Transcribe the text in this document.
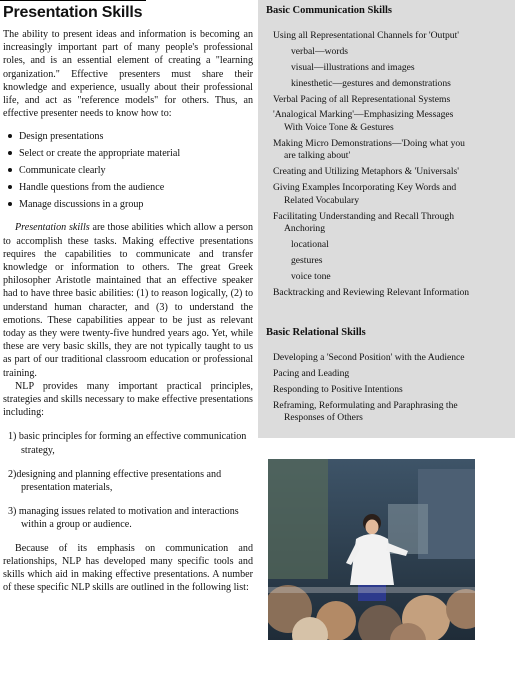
Presentation Skills

The ability to present ideas and information is becoming an increasingly important part of many people's professional roles, and is an essential element of creating a "learning organization." Effective presenters must share their knowledge and experience, usually about their professional life, and act as "reference models" for others. Thus, an effective presenter needs to know how to:

Design presentations
Select or create the appropriate material
Communicate clearly
Handle questions from the audience
Manage discussions in a group

Presentation skills are those abilities which allow a person to accomplish these tasks. Making effective presentations requires the capabilities to communicate and transfer knowledge or information to others. The great Greek philosopher Aristotle maintained that an effective speaker had to have three basic abilities: (1) to reason logically, (2) to understand human character, and (3) to understand the emotions. These capabilities appear to be just as relevant today as they were twenty-five hundred years ago. Yet, while these are very basic skills, they are not typically taught to us as part of our traditional classroom education or professional training.

NLP provides many important practical principles, strategies and skills necessary to make effective presentations including:

1) basic principles for forming an effective communication strategy,

2)designing and planning effective presentations and presentation materials,

3) managing issues related to motivation and interactions within a group or audience.

Because of its emphasis on communication and relationships, NLP has developed many specific tools and skills which aid in making effective presentations. A number of these specific NLP skills are outlined in the following list:

Basic Communication Skills
Using all Representational Channels for 'Output'
verbal—words
visual—illustrations and images
kinesthetic—gestures and demonstrations
Verbal Pacing of all Representational Systems
'Analogical Marking'—Emphasizing Messages
With Voice Tone & Gestures
Making Micro Demonstrations—'Doing what you
are talking about'
Creating and Utilizing Metaphors & 'Universals'
Giving Examples Incorporating Key Words and
Related Vocabulary
Facilitating Understanding and Recall Through
Anchoring
locational
gestures
voice tone
Backtracking and Reviewing Relevant Information
Basic Relational Skills
Developing a 'Second Position' with the Audience
Pacing and Leading
Responding to Positive Intentions
Reframing, Reformulating and Paraphrasing the
Responses of Others
